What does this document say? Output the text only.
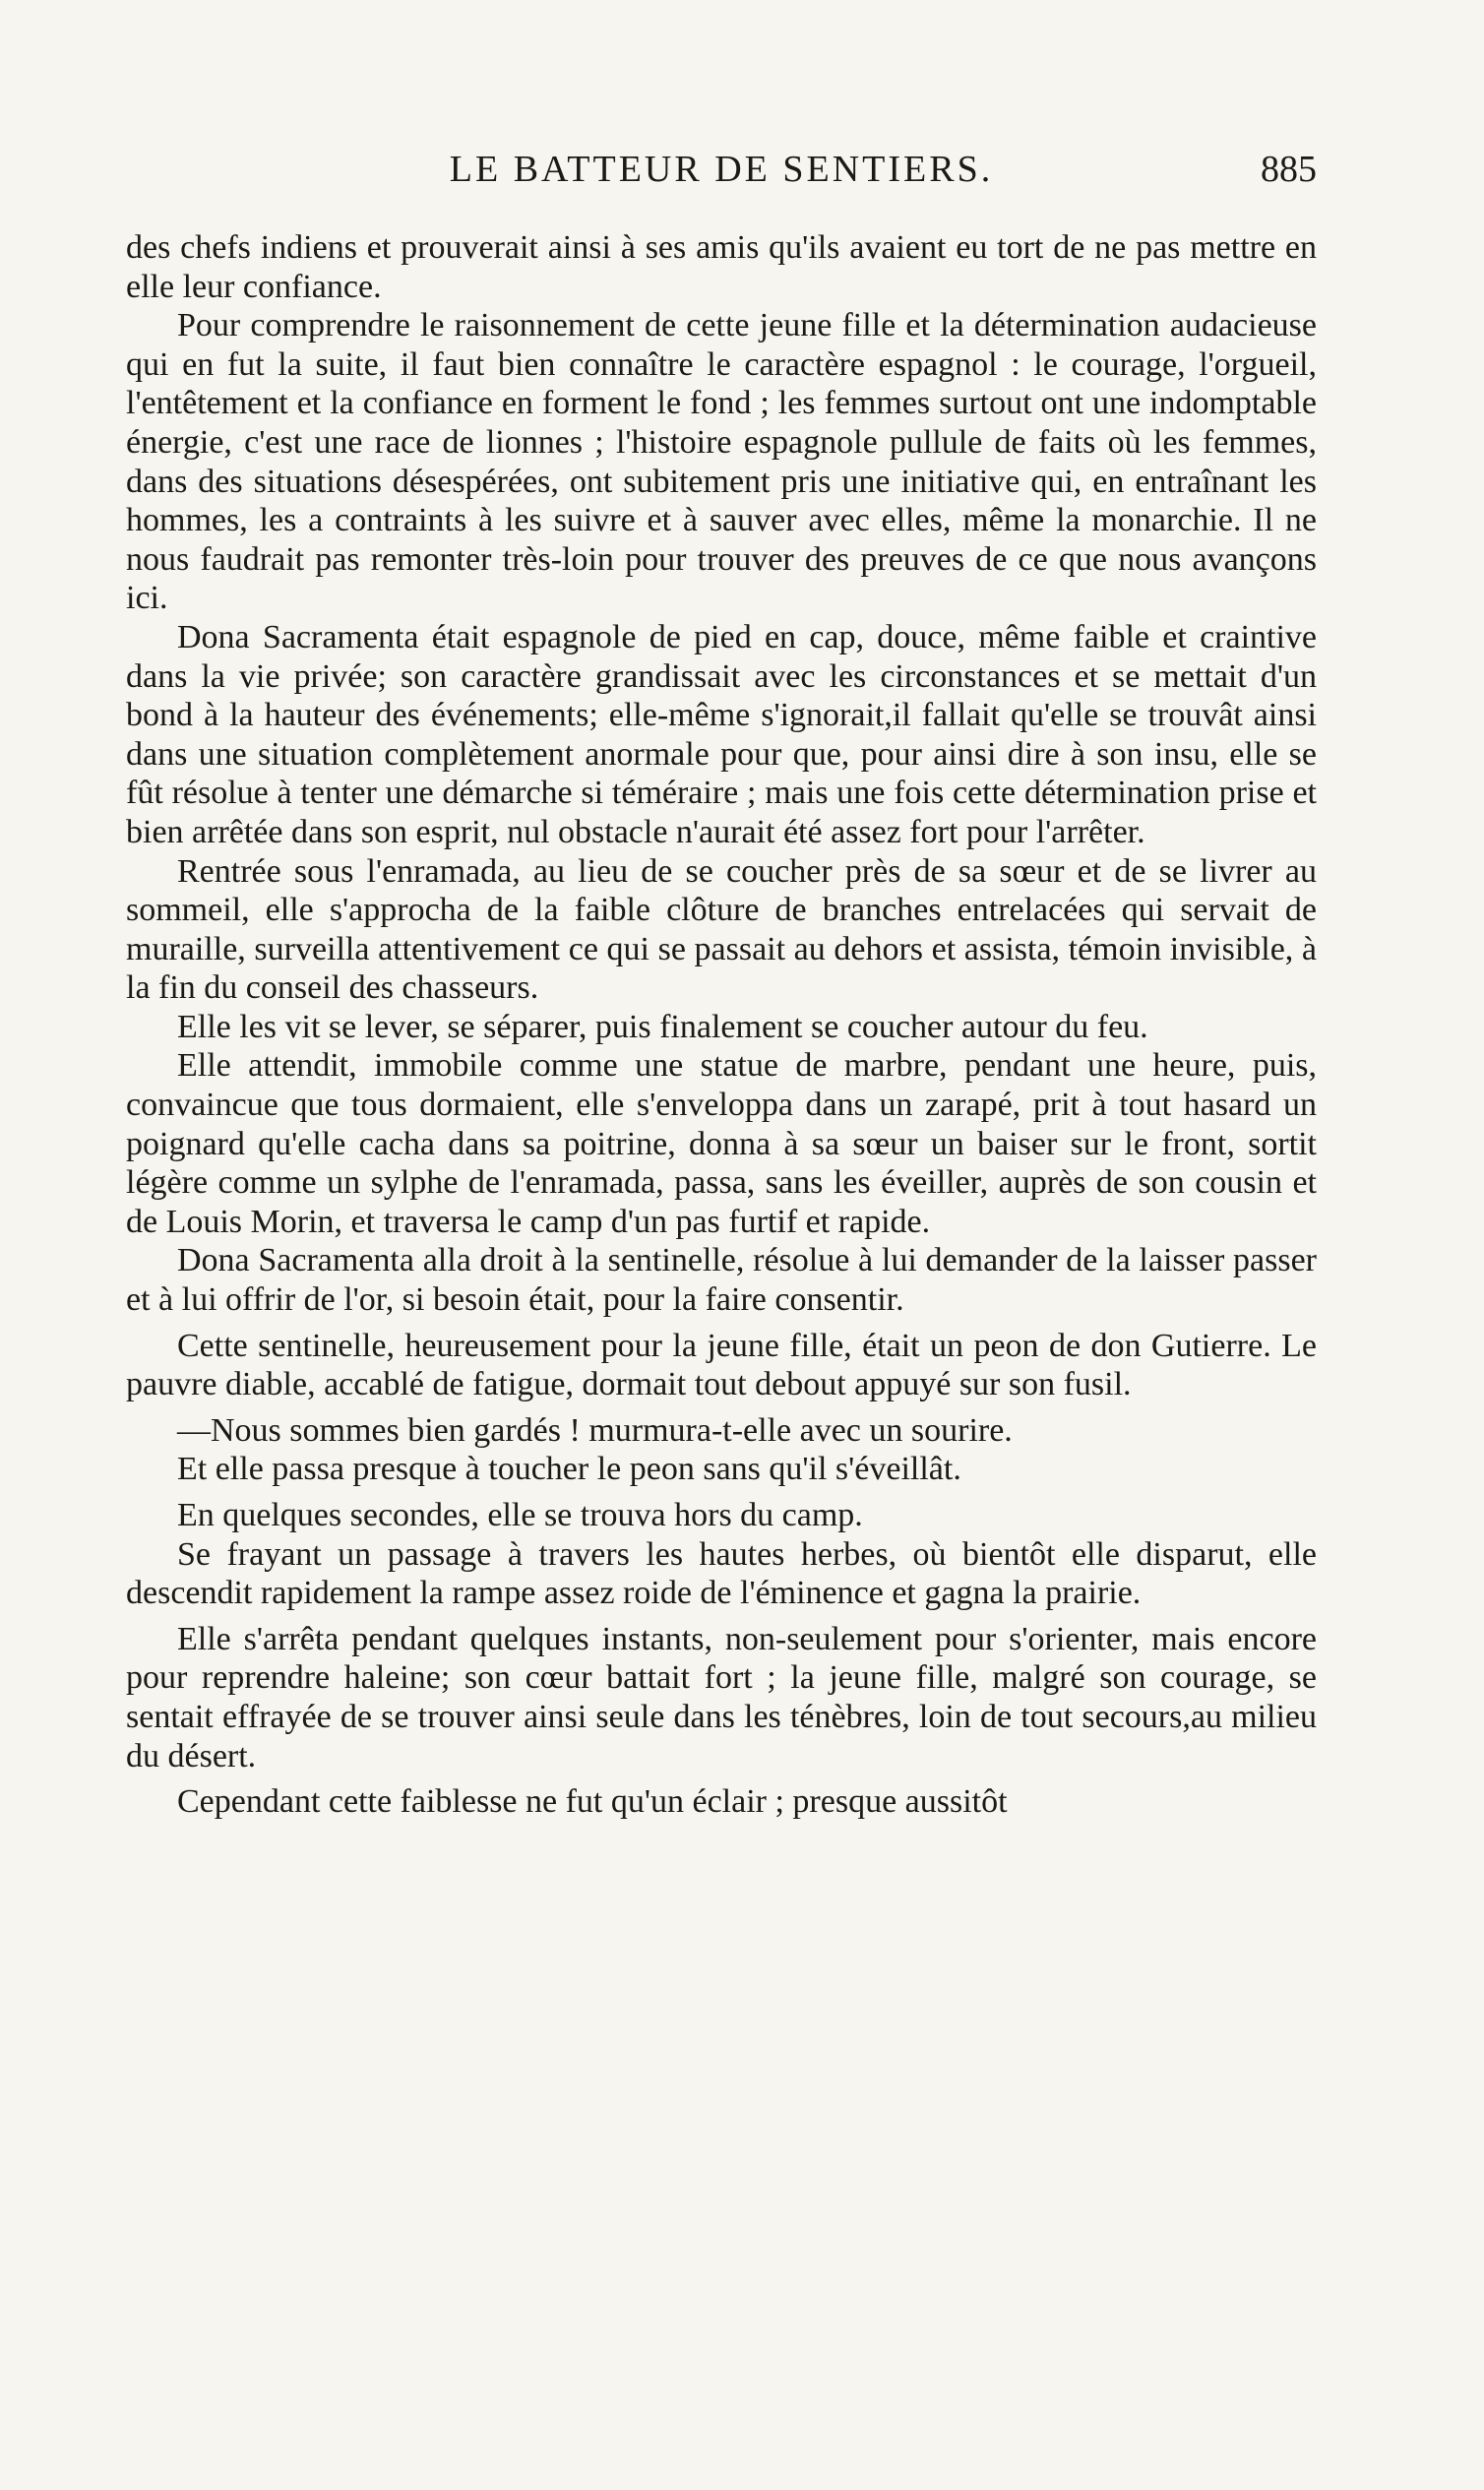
LE BATTEUR DE SENTIERS.	885

des chefs indiens et prouverait ainsi à ses amis qu'ils avaient eu tort de ne pas mettre en elle leur confiance.

Pour comprendre le raisonnement de cette jeune fille et la détermination audacieuse qui en fut la suite, il faut bien connaître le caractère espagnol : le courage, l'orgueil, l'entêtement et la confiance en forment le fond ; les femmes surtout ont une indomptable énergie, c'est une race de lionnes ; l'histoire espagnole pullule de faits où les femmes, dans des situations désespérées, ont subitement pris une initiative qui, en entraînant les hommes, les a contraints à les suivre et à sauver avec elles, même la monarchie. Il ne nous faudrait pas remonter très-loin pour trouver des preuves de ce que nous avançons ici.

Dona Sacramenta était espagnole de pied en cap, douce, même faible et craintive dans la vie privée; son caractère grandissait avec les circonstances et se mettait d'un bond à la hauteur des événements; elle-même s'ignorait,il fallait qu'elle se trouvât ainsi dans une situation complètement anormale pour que, pour ainsi dire à son insu, elle se fût résolue à tenter une démarche si téméraire ; mais une fois cette détermination prise et bien arrêtée dans son esprit, nul obstacle n'aurait été assez fort pour l'arrêter.

Rentrée sous l'enramada, au lieu de se coucher près de sa sœur et de se livrer au sommeil, elle s'approcha de la faible clôture de branches entrelacées qui servait de muraille, surveilla attentivement ce qui se passait au dehors et assista, témoin invisible, à la fin du conseil des chasseurs.

Elle les vit se lever, se séparer, puis finalement se coucher autour du feu.

Elle attendit, immobile comme une statue de marbre, pendant une heure, puis, convaincue que tous dormaient, elle s'enveloppa dans un zarapé, prit à tout hasard un poignard qu'elle cacha dans sa poitrine, donna à sa sœur un baiser sur le front, sortit légère comme un sylphe de l'enramada, passa, sans les éveiller, auprès de son cousin et de Louis Morin, et traversa le camp d'un pas furtif et rapide.

Dona Sacramenta alla droit à la sentinelle, résolue à lui demander de la laisser passer et à lui offrir de l'or, si besoin était, pour la faire consentir.

Cette sentinelle, heureusement pour la jeune fille, était un peon de don Gutierre. Le pauvre diable, accablé de fatigue, dormait tout debout appuyé sur son fusil.

—Nous sommes bien gardés ! murmura-t-elle avec un sourire.

Et elle passa presque à toucher le peon sans qu'il s'éveillât.

En quelques secondes, elle se trouva hors du camp.

Se frayant un passage à travers les hautes herbes, où bientôt elle disparut, elle descendit rapidement la rampe assez roide de l'éminence et gagna la prairie.

Elle s'arrêta pendant quelques instants, non-seulement pour s'orienter, mais encore pour reprendre haleine; son cœur battait fort ; la jeune fille, malgré son courage, se sentait effrayée de se trouver ainsi seule dans les ténèbres, loin de tout secours,au milieu du désert.

Cependant cette faiblesse ne fut qu'un éclair ; presque aussitôt
